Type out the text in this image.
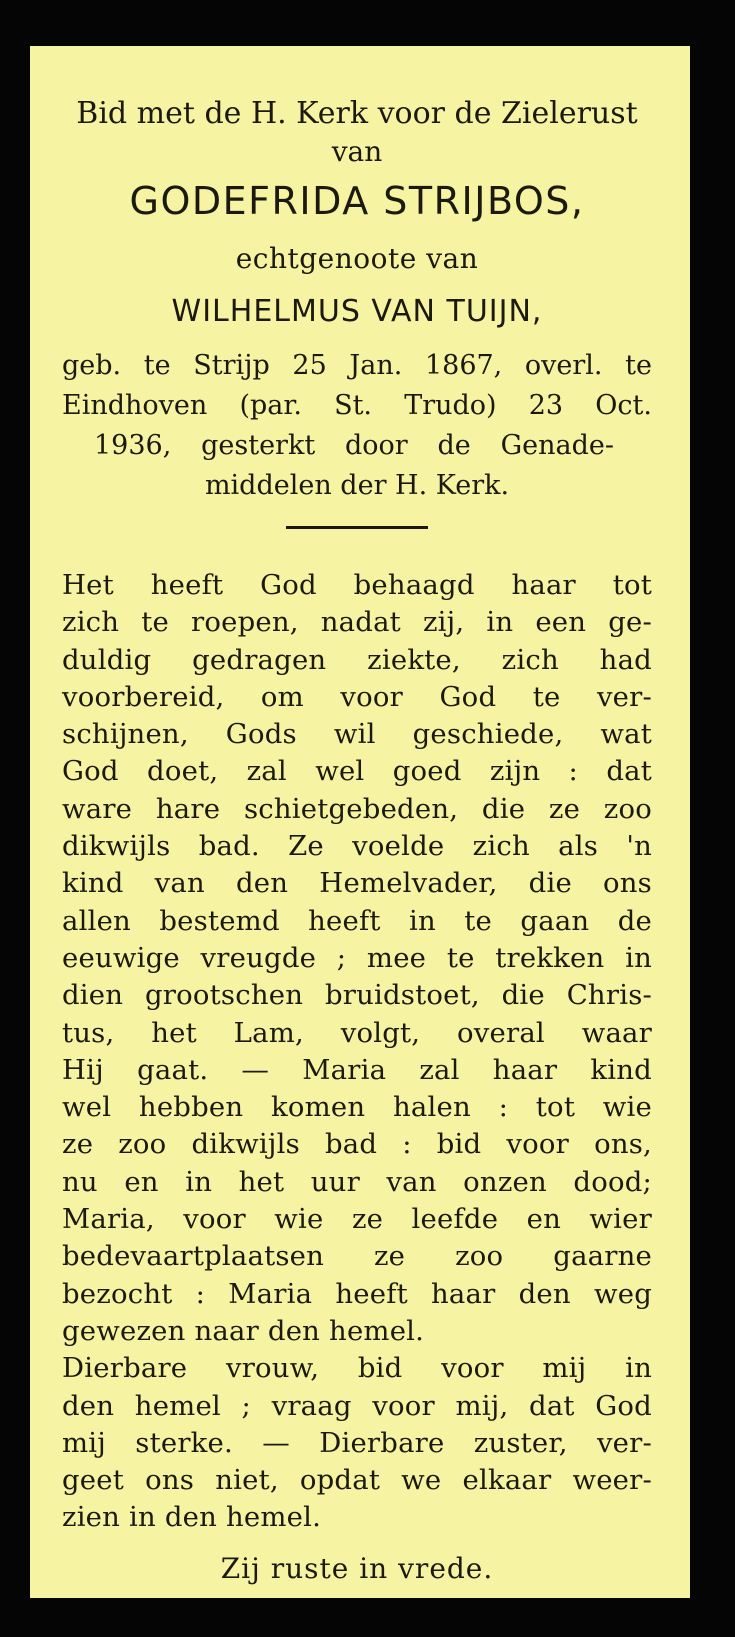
Bid met de H. Kerk voor de Zielerust
van
GODEFRIDA STRIJBOS,
echtgenoote van
WILHELMUS VAN TUIJN,
geb. te Strijp 25 Jan. 1867, overl. te
Eindhoven (par. St. Trudo) 23 Oct.
1936, gesterkt door de Genade-
middelen der H. Kerk.
Het heeft God behaagd haar tot
zich te roepen, nadat zij, in een ge-
duldig gedragen ziekte, zich had
voorbereid, om voor God te ver-
schijnen, Gods wil geschiede, wat
God doet, zal wel goed zijn : dat
ware hare schietgebeden, die ze zoo
dikwijls bad. Ze voelde zich als 'n
kind van den Hemelvader, die ons
allen bestemd heeft in te gaan de
eeuwige vreugde ; mee te trekken in
dien grootschen bruidstoet, die Chris-
tus, het Lam, volgt, overal waar
Hij gaat. — Maria zal haar kind
wel hebben komen halen : tot wie
ze zoo dikwijls bad : bid voor ons,
nu en in het uur van onzen dood;
Maria, voor wie ze leefde en wier
bedevaartplaatsen ze zoo gaarne
bezocht : Maria heeft haar den weg
gewezen naar den hemel.
Dierbare vrouw, bid voor mij in
den hemel ; vraag voor mij, dat God
mij sterke. — Dierbare zuster, ver-
geet ons niet, opdat we elkaar weer-
zien in den hemel.
Zij ruste in vrede.
